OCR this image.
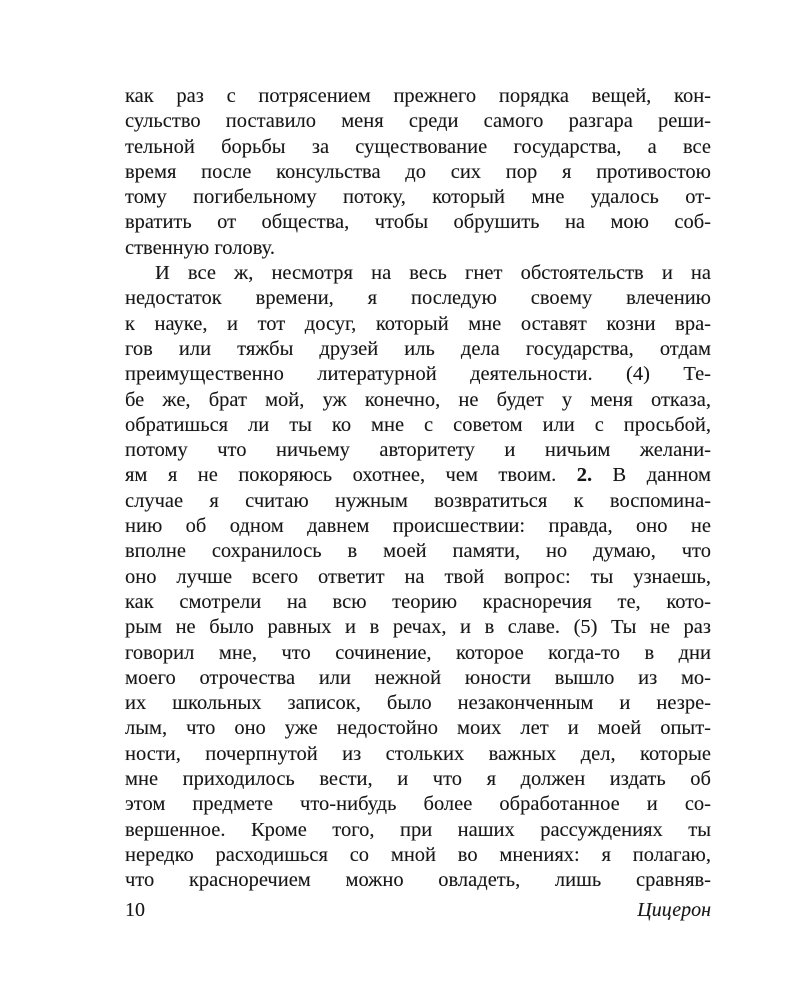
как раз с потрясением прежнего порядка вещей, кон-
сульство поставило меня среди самого разгара реши-
тельной борьбы за существование государства, а все
время после консульства до сих пор я противостою
тому погибельному потоку, который мне удалось от-
вратить от общества, чтобы обрушить на мою соб-
ственную голову.
И все ж, несмотря на весь гнет обстоятельств и на
недостаток времени, я последую своему влечению
к науке, и тот досуг, который мне оставят козни вра-
гов или тяжбы друзей иль дела государства, отдам
преимущественно литературной деятельности. (4) Те-
бе же, брат мой, уж конечно, не будет у меня отказа,
обратишься ли ты ко мне с советом или с просьбой,
потому что ничьему авторитету и ничьим желани-
ям я не покоряюсь охотнее, чем твоим. 2. В данном
случае я считаю нужным возвратиться к воспомина-
нию об одном давнем происшествии: правда, оно не
вполне сохранилось в моей памяти, но думаю, что
оно лучше всего ответит на твой вопрос: ты узнаешь,
как смотрели на всю теорию красноречия те, кото-
рым не было равных и в речах, и в славе. (5) Ты не раз
говорил мне, что сочинение, которое когда-то в дни
моего отрочества или нежной юности вышло из мо-
их школьных записок, было незаконченным и незре-
лым, что оно уже недостойно моих лет и моей опыт-
ности, почерпнутой из стольких важных дел, которые
мне приходилось вести, и что я должен издать об
этом предмете что-нибудь более обработанное и со-
вершенное. Кроме того, при наших рассуждениях ты
нередко расходишься со мной во мнениях: я полагаю,
что красноречием можно овладеть, лишь сравняв-
10	Цицерон
